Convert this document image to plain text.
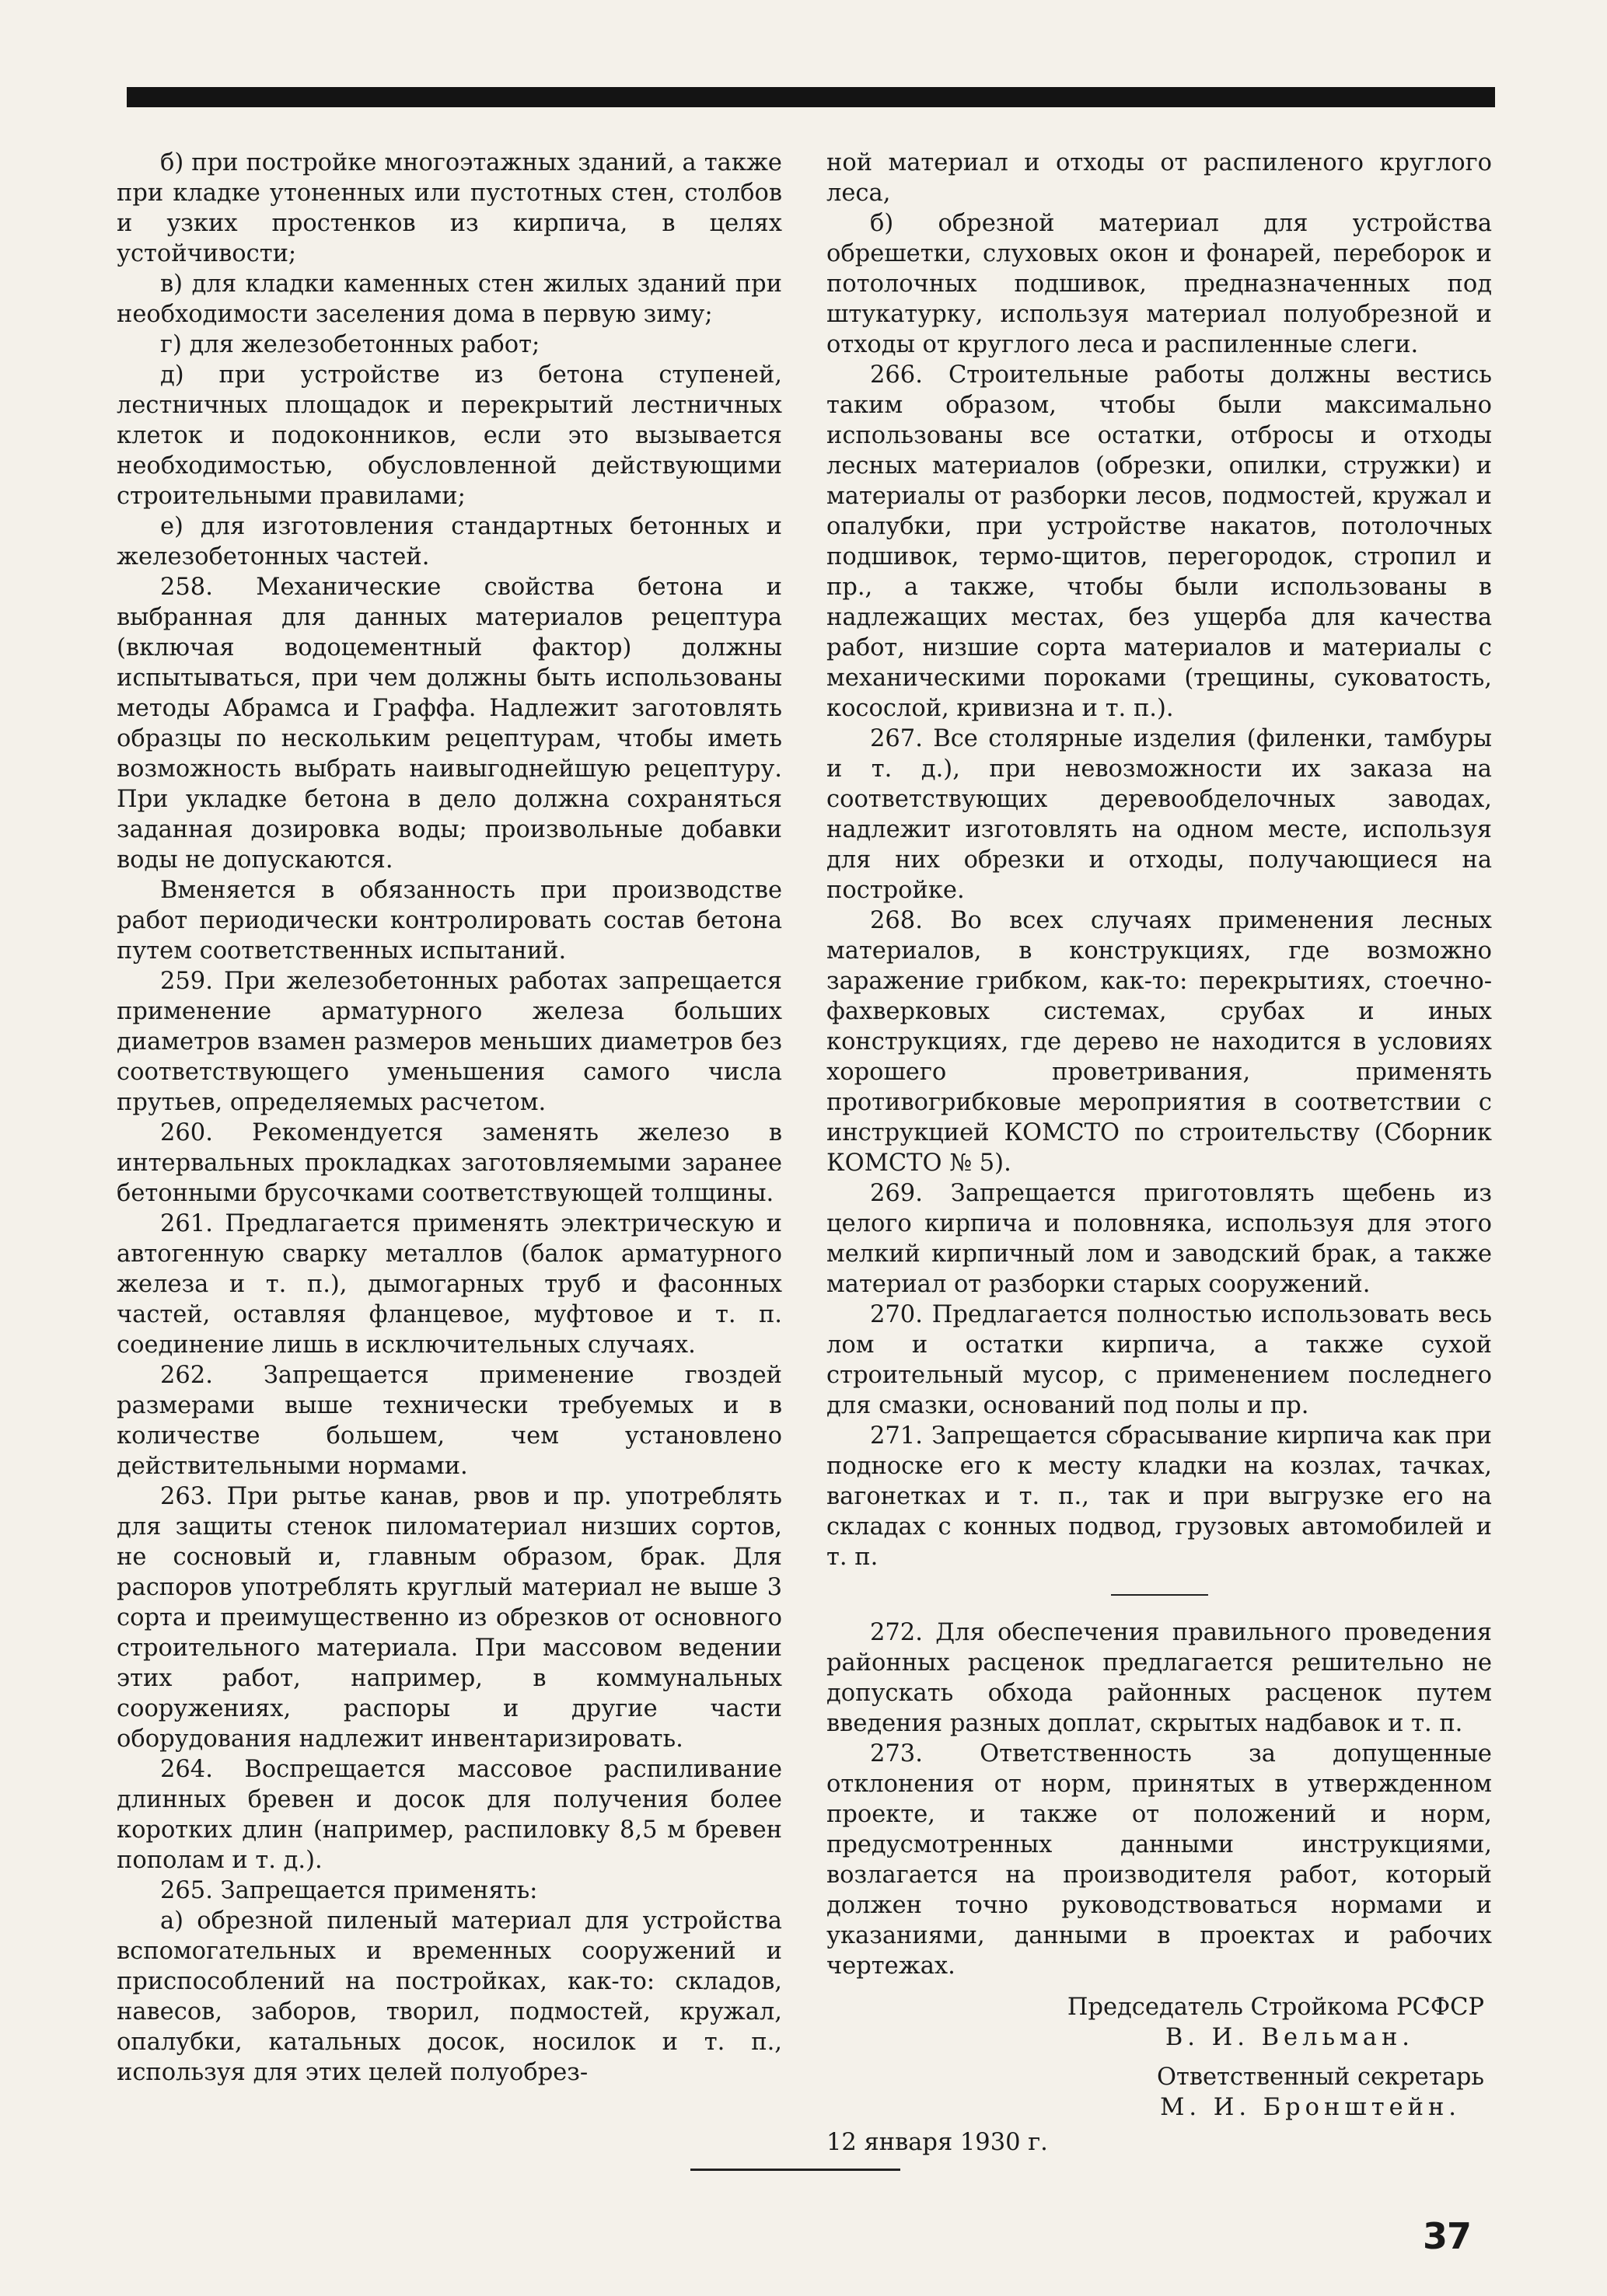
б) при постройке многоэтажных зданий, а также при кладке утоненных или пустотных стен, столбов и узких простенков из кирпича, в целях устойчивости;

в) для кладки каменных стен жилых зданий при необходимости заселения дома в первую зиму;

г) для железобетонных работ;

д) при устройстве из бетона ступеней, лестничных площадок и перекрытий лестничных клеток и подоконников, если это вызывается необходимостью, обусловленной действующими строительными правилами;

е) для изготовления стандартных бетонных и железобетонных частей.

258. Механические свойства бетона и выбранная для данных материалов рецептура (включая водоцементный фактор) должны испытываться, при чем должны быть использованы методы Абрамса и Граффа. Надлежит заготовлять образцы по нескольким рецептурам, чтобы иметь возможность выбрать наивыгоднейшую рецептуру. При укладке бетона в дело должна сохраняться заданная дозировка воды; произвольные добавки воды не допускаются.

Вменяется в обязанность при производстве работ периодически контролировать состав бетона путем соответственных испытаний.

259. При железобетонных работах запрещается применение арматурного железа больших диаметров взамен размеров меньших диаметров без соответствующего уменьшения самого числа прутьев, определяемых расчетом.

260. Рекомендуется заменять железо в интервальных прокладках заготовляемыми заранее бетонными брусочками соответствующей толщины.

261. Предлагается применять электрическую и автогенную сварку металлов (балок арматурного железа и т. п.), дымогарных труб и фасонных частей, оставляя фланцевое, муфтовое и т. п. соединение лишь в исключительных случаях.

262. Запрещается применение гвоздей размерами выше технически требуемых и в количестве большем, чем установлено действительными нормами.

263. При рытье канав, рвов и пр. употреблять для защиты стенок пиломатериал низших сортов, не сосновый и, главным образом, брак. Для распоров употреблять круглый материал не выше 3 сорта и преимущественно из обрезков от основного строительного материала. При массовом ведении этих работ, например, в коммунальных сооружениях, распоры и другие части оборудования надлежит инвентаризировать.

264. Воспрещается массовое распиливание длинных бревен и досок для получения более коротких длин (например, распиловку 8,5 м бревен пополам и т. д.).

265. Запрещается применять:

а) обрезной пиленый материал для устройства вспомогательных и временных сооружений и приспособлений на постройках, как-то: складов, навесов, заборов, творил, подмостей, кружал, опалубки, катальных досок, носилок и т. п., используя для этих целей полуобрез-

ной материал и отходы от распиленого круглого леса,

б) обрезной материал для устройства обрешетки, слуховых окон и фонарей, переборок и потолочных подшивок, предназначенных под штукатурку, используя материал полуобрезной и отходы от круглого леса и распиленные слеги.

266. Строительные работы должны вестись таким образом, чтобы были максимально использованы все остатки, отбросы и отходы лесных материалов (обрезки, опилки, стружки) и материалы от разборки лесов, подмостей, кружал и опалубки, при устройстве накатов, потолочных подшивок, термо-щитов, перегородок, стропил и пр., а также, чтобы были использованы в надлежащих местах, без ущерба для качества работ, низшие сорта материалов и материалы с механическими пороками (трещины, суковатость, косослой, кривизна и т. п.).

267. Все столярные изделия (филенки, тамбуры и т. д.), при невозможности их заказа на соответствующих деревообделочных заводах, надлежит изготовлять на одном месте, используя для них обрезки и отходы, получающиеся на постройке.

268. Во всех случаях применения лесных материалов, в конструкциях, где возможно заражение грибком, как-то: перекрытиях, стоечно-фахверковых системах, срубах и иных конструкциях, где дерево не находится в условиях хорошего проветривания, применять противогрибковые мероприятия в соответствии с инструкцией КОМСТО по строительству (Сборник КОМСТО № 5).

269. Запрещается приготовлять щебень из целого кирпича и половняка, используя для этого мелкий кирпичный лом и заводский брак, а также материал от разборки старых сооружений.

270. Предлагается полностью использовать весь лом и остатки кирпича, а также сухой строительный мусор, с применением последнего для смазки, оснований под полы и пр.

271. Запрещается сбрасывание кирпича как при подноске его к месту кладки на козлах, тачках, вагонетках и т. п., так и при выгрузке его на складах с конных подвод, грузовых автомобилей и т. п.

272. Для обеспечения правильного проведения районных расценок предлагается решительно не допускать обхода районных расценок путем введения разных доплат, скрытых надбавок и т. п.

273. Ответственность за допущенные отклонения от норм, принятых в утвержденном проекте, и также от положений и норм, предусмотренных данными инструкциями, возлагается на производителя работ, который должен точно руководствоваться нормами и указаниями, данными в проектах и рабочих чертежах.

Председатель Стройкома РСФСР

В. И. Вельман.

Ответственный секретарь

М. И. Бронштейн.

12 января 1930 г.

37
